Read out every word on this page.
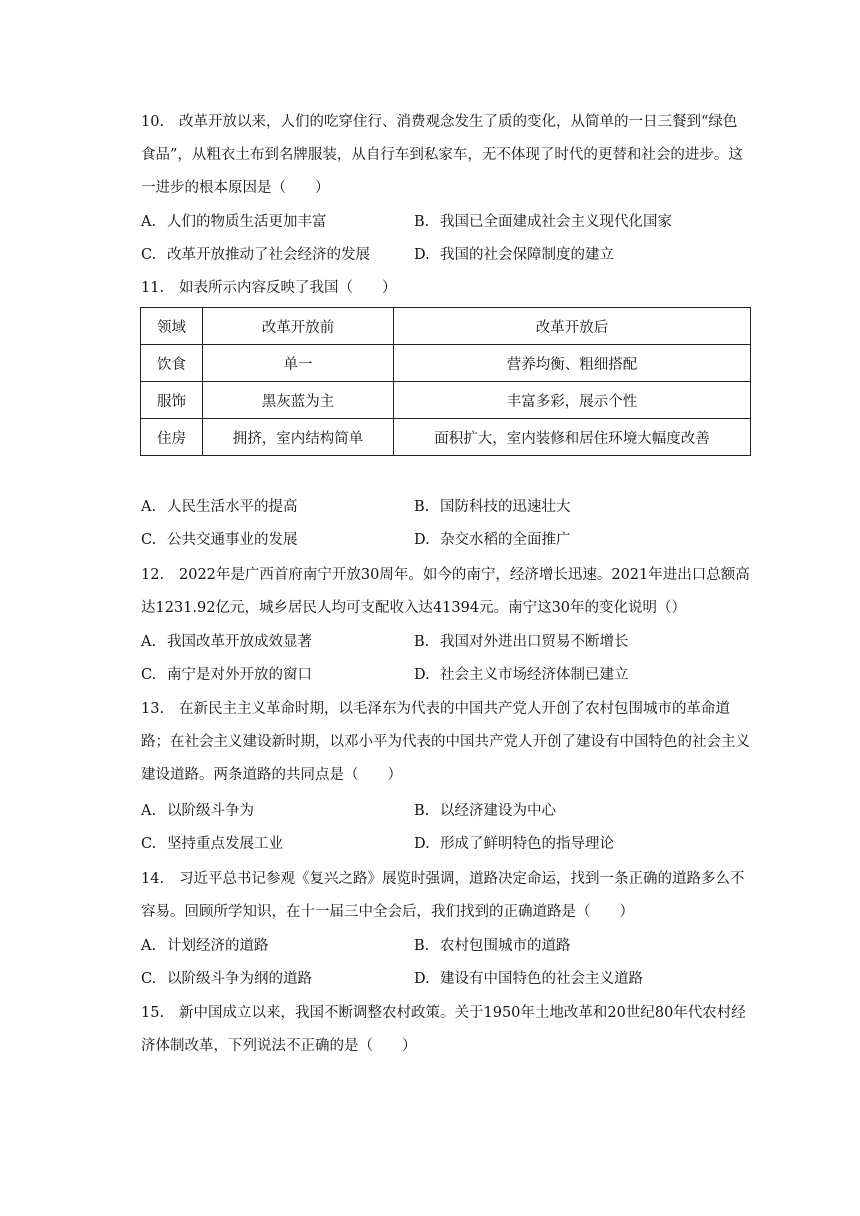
10. 改革开放以来，人们的吃穿住行、消费观念发生了质的变化，从简单的一日三餐到“绿色食品”，从粗衣土布到名牌服装，从自行车到私家车，无不体现了时代的更替和社会的进步。这一进步的根本原因是（　　）

A. 人们的物质生活更加丰富	B. 我国已全面建成社会主义现代化国家
C. 改革开放推动了社会经济的发展	D. 我国的社会保障制度的建立

11. 如表所示内容反映了我国（　　）

领域	改革开放前	改革开放后
饮食	单一	营养均衡、粗细搭配
服饰	黑灰蓝为主	丰富多彩，展示个性
住房	拥挤，室内结构简单	面积扩大，室内装修和居住环境大幅度改善
A. 人民生活水平的提高	B. 国防科技的迅速壮大
C. 公共交通事业的发展	D. 杂交水稻的全面推广

12. 2022年是广西首府南宁开放30周年。如今的南宁，经济增长迅速。2021年进出口总额高达1231.92亿元，城乡居民人均可支配收入达41394元。南宁这30年的变化说明（）

A. 我国改革开放成效显著	B. 我国对外进出口贸易不断增长
C. 南宁是对外开放的窗口	D. 社会主义市场经济体制已建立

13. 在新民主主义革命时期，以毛泽东为代表的中国共产党人开创了农村包围城市的革命道路；在社会主义建设新时期，以邓小平为代表的中国共产党人开创了建设有中国特色的社会主义建设道路。两条道路的共同点是（　　）

A. 以阶级斗争为	B. 以经济建设为中心
C. 坚持重点发展工业	D. 形成了鲜明特色的指导理论

14. 习近平总书记参观《复兴之路》展览时强调，道路决定命运，找到一条正确的道路多么不容易。回顾所学知识，在十一届三中全会后，我们找到的正确道路是（　　）

A. 计划经济的道路	B. 农村包围城市的道路
C. 以阶级斗争为纲的道路	D. 建设有中国特色的社会主义道路

15. 新中国成立以来，我国不断调整农村政策。关于1950年土地改革和20世纪80年代农村经济体制改革，下列说法不正确的是（　　）
